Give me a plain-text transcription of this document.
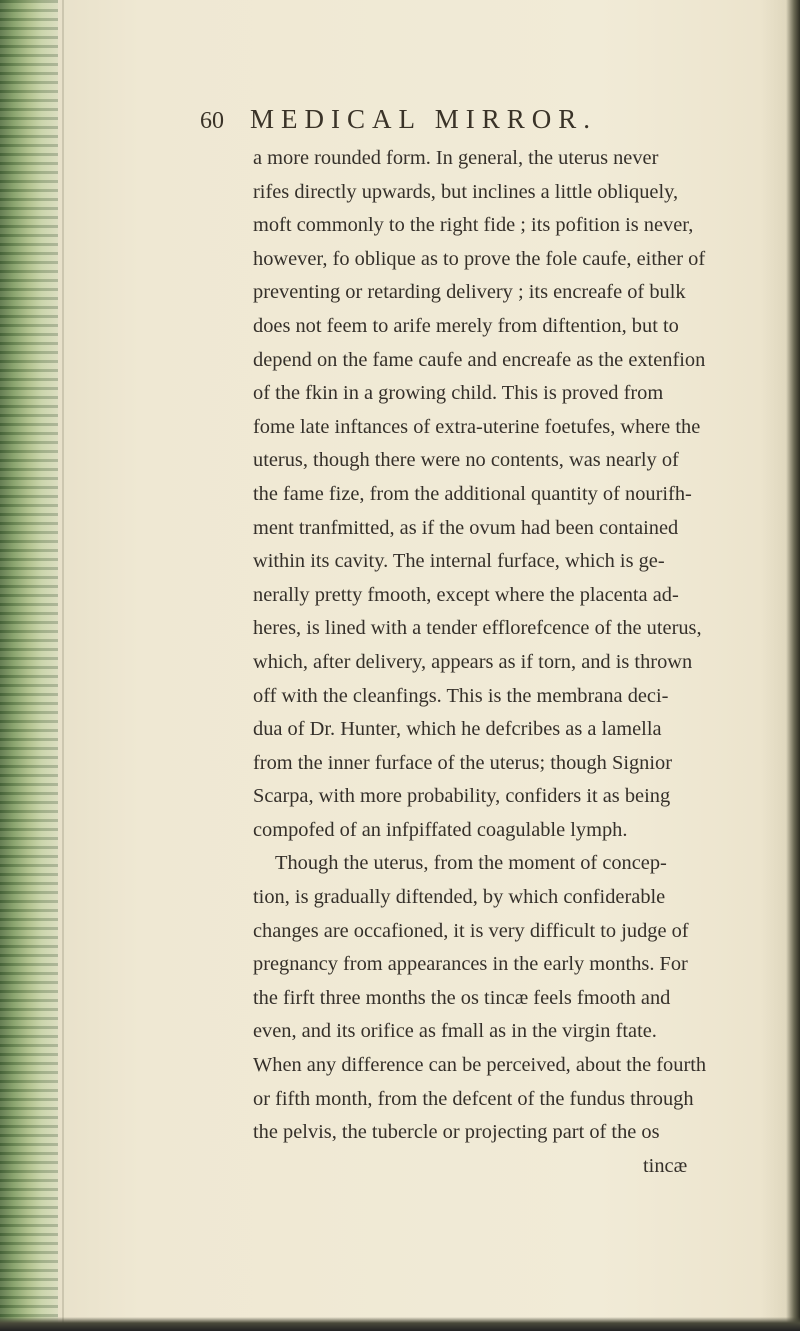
60 MEDICAL MIRROR.
a more rounded form. In general, the uterus never
rifes directly upwards, but inclines a little obliquely,
moft commonly to the right fide ; its pofition is never,
however, fo oblique as to prove the fole caufe, either of
preventing or retarding delivery ; its encreafe of bulk
does not feem to arife merely from diftention, but to
depend on the fame caufe and encreafe as the extenfion
of the fkin in a growing child. This is proved from
fome late inftances of extra-uterine foetufes, where the
uterus, though there were no contents, was nearly of
the fame fize, from the additional quantity of nourifh-
ment tranfmitted, as if the ovum had been contained
within its cavity. The internal furface, which is ge-
nerally pretty fmooth, except where the placenta ad-
heres, is lined with a tender efflorefcence of the uterus,
which, after delivery, appears as if torn, and is thrown
off with the cleanfings. This is the membrana deci-
dua of Dr. Hunter, which he defcribes as a lamella
from the inner furface of the uterus; though Signior
Scarpa, with more probability, confiders it as being
compofed of an infpiffated coagulable lymph.
Though the uterus, from the moment of concep-
tion, is gradually diftended, by which confiderable
changes are occafioned, it is very difficult to judge of
pregnancy from appearances in the early months. For
the firft three months the os tincæ feels fmooth and
even, and its orifice as fmall as in the virgin ftate.
When any difference can be perceived, about the fourth
or fifth month, from the defcent of the fundus through
the pelvis, the tubercle or projecting part of the os
tincæ
